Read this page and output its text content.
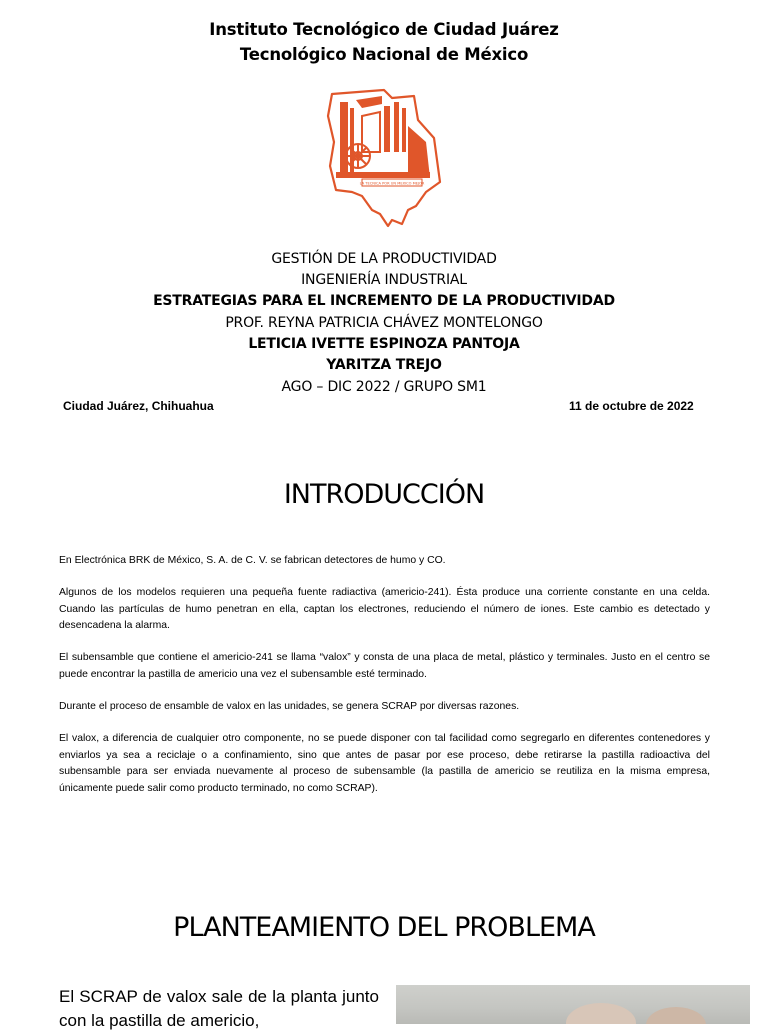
Instituto Tecnológico de Ciudad Juárez
Tecnológico Nacional de México
LA TECNICA POR UN MEXICO MEJOR
GESTIÓN DE LA PRODUCTIVIDAD
INGENIERÍA INDUSTRIAL
ESTRATEGIAS PARA EL INCREMENTO DE LA PRODUCTIVIDAD
PROF. REYNA PATRICIA CHÁVEZ MONTELONGO
LETICIA IVETTE ESPINOZA PANTOJA
YARITZA TREJO
AGO – DIC 2022 / GRUPO SM1
Ciudad Juárez, Chihuahua	11 de octubre de 2022
INTRODUCCIÓN

En Electrónica BRK de México, S. A. de C. V. se fabrican detectores de humo y CO.

Algunos de los modelos requieren una pequeña fuente radiactiva (americio-241). Ésta produce una corriente constante en una celda. Cuando las partículas de humo penetran en ella, captan los electrones, reduciendo el número de iones. Este cambio es detectado y desencadena la alarma.

El subensamble que contiene el americio-241 se llama “valox” y consta de una placa de metal, plástico y terminales. Justo en el centro se puede encontrar la pastilla de americio una vez el subensamble esté terminado.

Durante el proceso de ensamble de valox en las unidades, se genera SCRAP por diversas razones.

El valox, a diferencia de cualquier otro componente, no se puede disponer con tal facilidad como segregarlo en diferentes contenedores y enviarlos ya sea a reciclaje o a confinamiento, sino que antes de pasar por ese proceso, debe retirarse la pastilla radioactiva del subensamble para ser enviada nuevamente al proceso de subensamble (la pastilla de americio se reutiliza en la misma empresa, únicamente puede salir como producto terminado, no como SCRAP).

PLANTEAMIENTO DEL PROBLEMA
El SCRAP de valox sale de la planta junto con la pastilla de americio,
